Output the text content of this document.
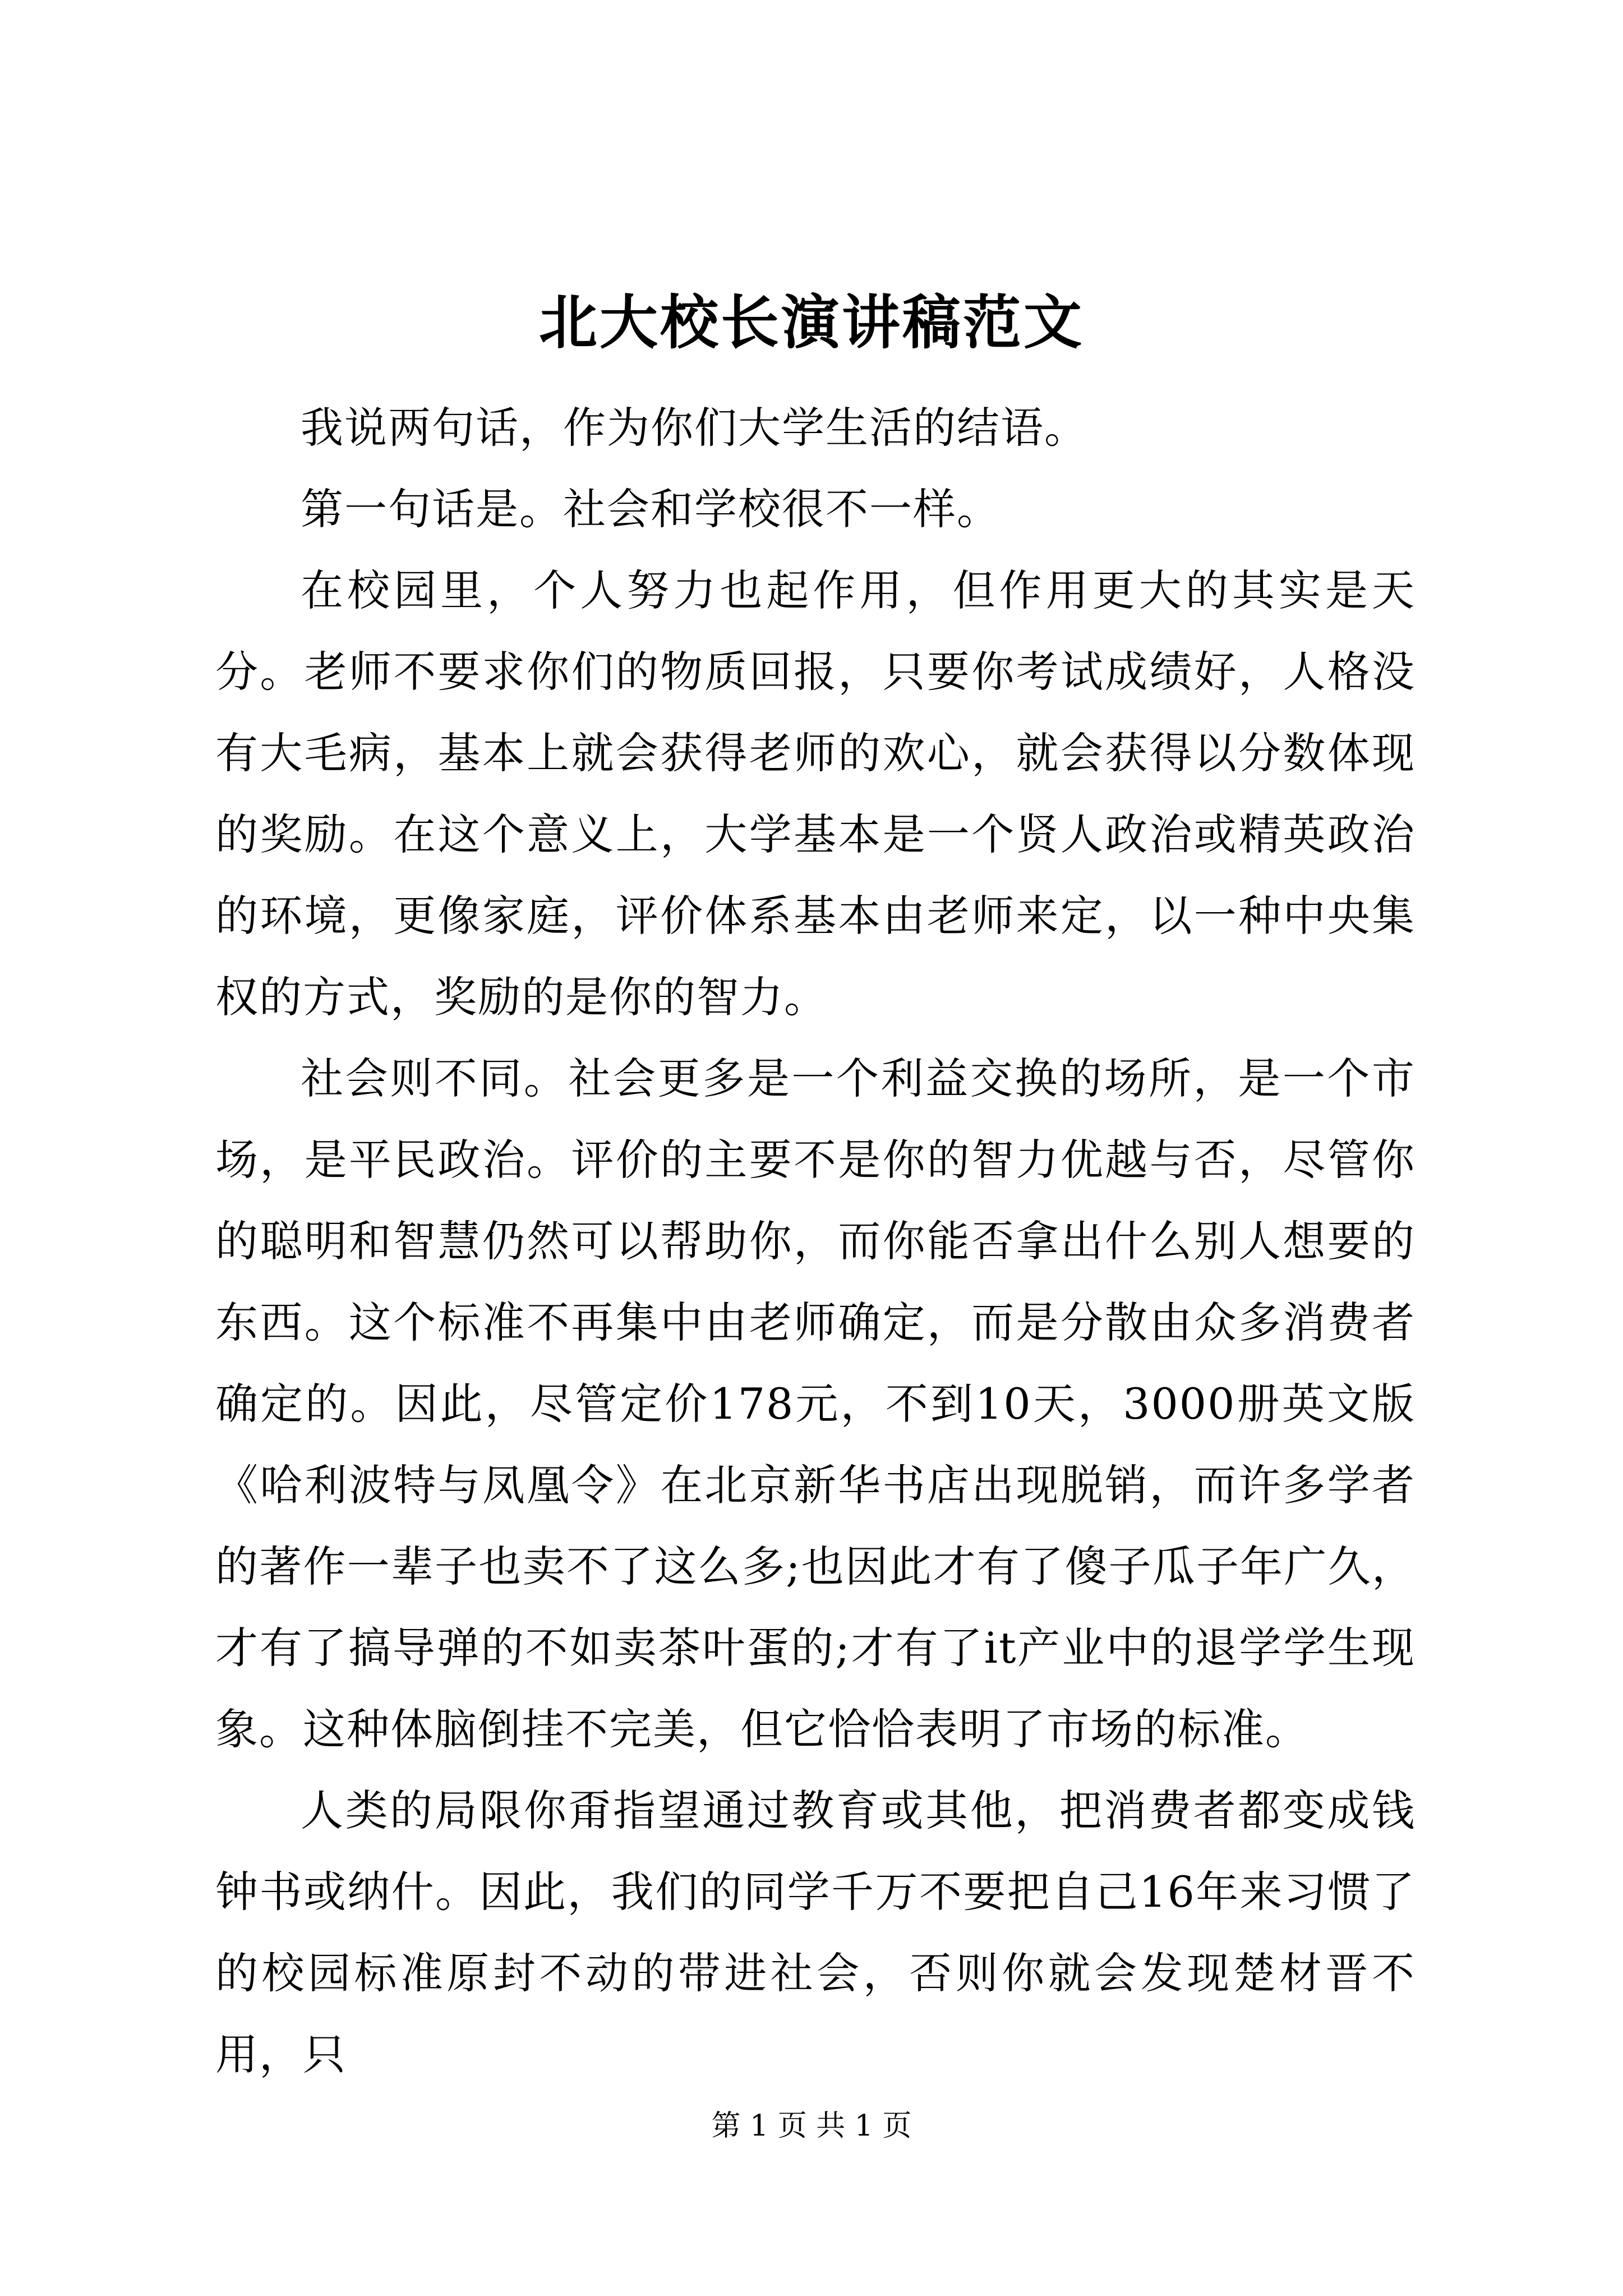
北大校长演讲稿范文

我说两句话，作为你们大学生活的结语。

第一句话是。社会和学校很不一样。

在校园里，个人努力也起作用，但作用更大的其实是天分。老师不要求你们的物质回报，只要你考试成绩好，人格没有大毛病，基本上就会获得老师的欢心，就会获得以分数体现的奖励。在这个意义上，大学基本是一个贤人政治或精英政治的环境，更像家庭，评价体系基本由老师来定，以一种中央集权的方式，奖励的是你的智力。

社会则不同。社会更多是一个利益交换的场所，是一个市场，是平民政治。评价的主要不是你的智力优越与否，尽管你的聪明和智慧仍然可以帮助你，而你能否拿出什么别人想要的东西。这个标准不再集中由老师确定，而是分散由众多消费者确定的。因此，尽管定价178元，不到10天，3000册英文版《哈利波特与凤凰令》在北京新华书店出现脱销，而许多学者的著作一辈子也卖不了这么多;也因此才有了傻子瓜子年广久，才有了搞导弹的不如卖茶叶蛋的;才有了it产业中的退学学生现象。这种体脑倒挂不完美，但它恰恰表明了市场的标准。

人类的局限你甭指望通过教育或其他，把消费者都变成钱钟书或纳什。因此，我们的同学千万不要把自己16年来习惯了的校园标准原封不动的带进社会，否则你就会发现楚材晋不用，只

第 1 页 共 1 页
